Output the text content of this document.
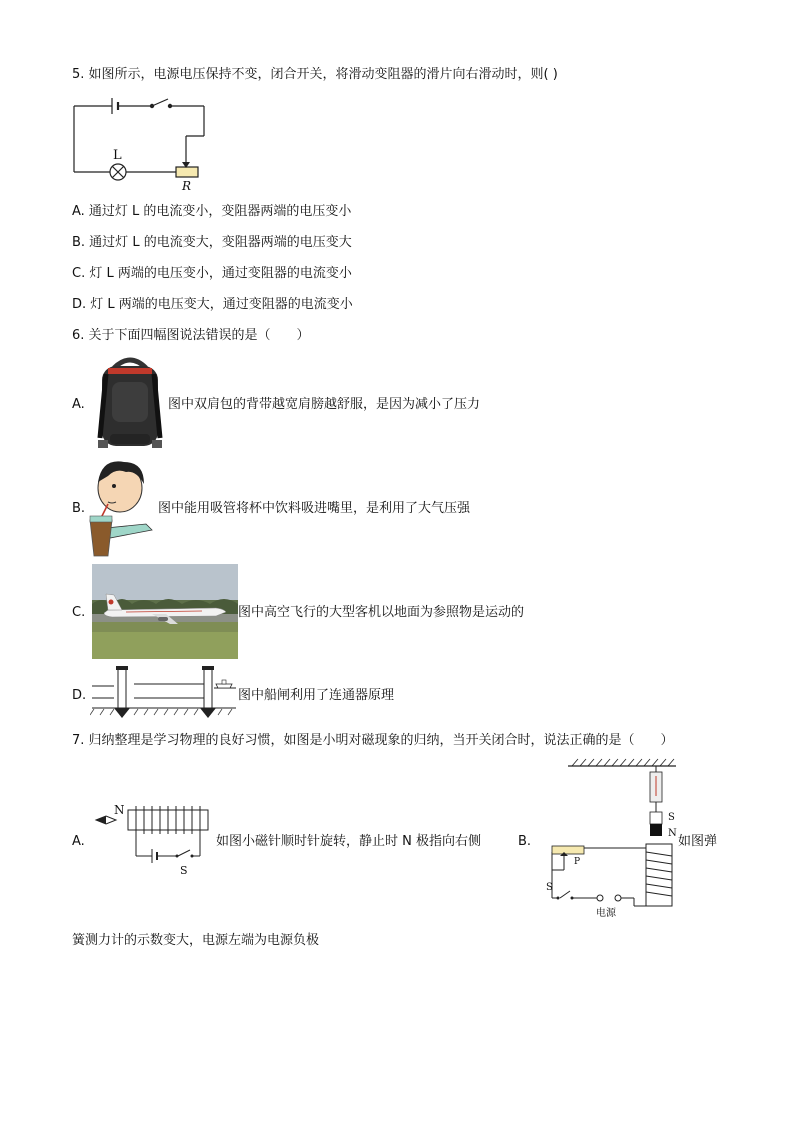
5. 如图所示，电源电压保持不变，闭合开关，将滑动变阻器的滑片向右滑动时，则( )
L
R
A. 通过灯 L 的电流变小，变阻器两端的电压变小
B. 通过灯 L 的电流变大，变阻器两端的电压变大
C. 灯 L 两端的电压变小，通过变阻器的电流变小
D. 灯 L 两端的电压变大，通过变阻器的电流变小
6. 关于下面四幅图说法错误的是（　　）
A.	图中双肩包的背带越宽肩膀越舒服，是因为减小了压力
B.	图中能用吸管将杯中饮料吸进嘴里，是利用了大气压强
C.	图中高空飞行的大型客机以地面为参照物是运动的
D.	图中船闸利用了连通器原理
7. 归纳整理是学习物理的良好习惯，如图是小明对磁现象的归纳，当开关闭合时，说法正确的是（　　）
A.
N
S
如图小磁针顺时针旋转，静止时 N 极指向右侧	B.
S
N
P
S
电源
如图弹
簧测力计的示数变大，电源左端为电源负极
